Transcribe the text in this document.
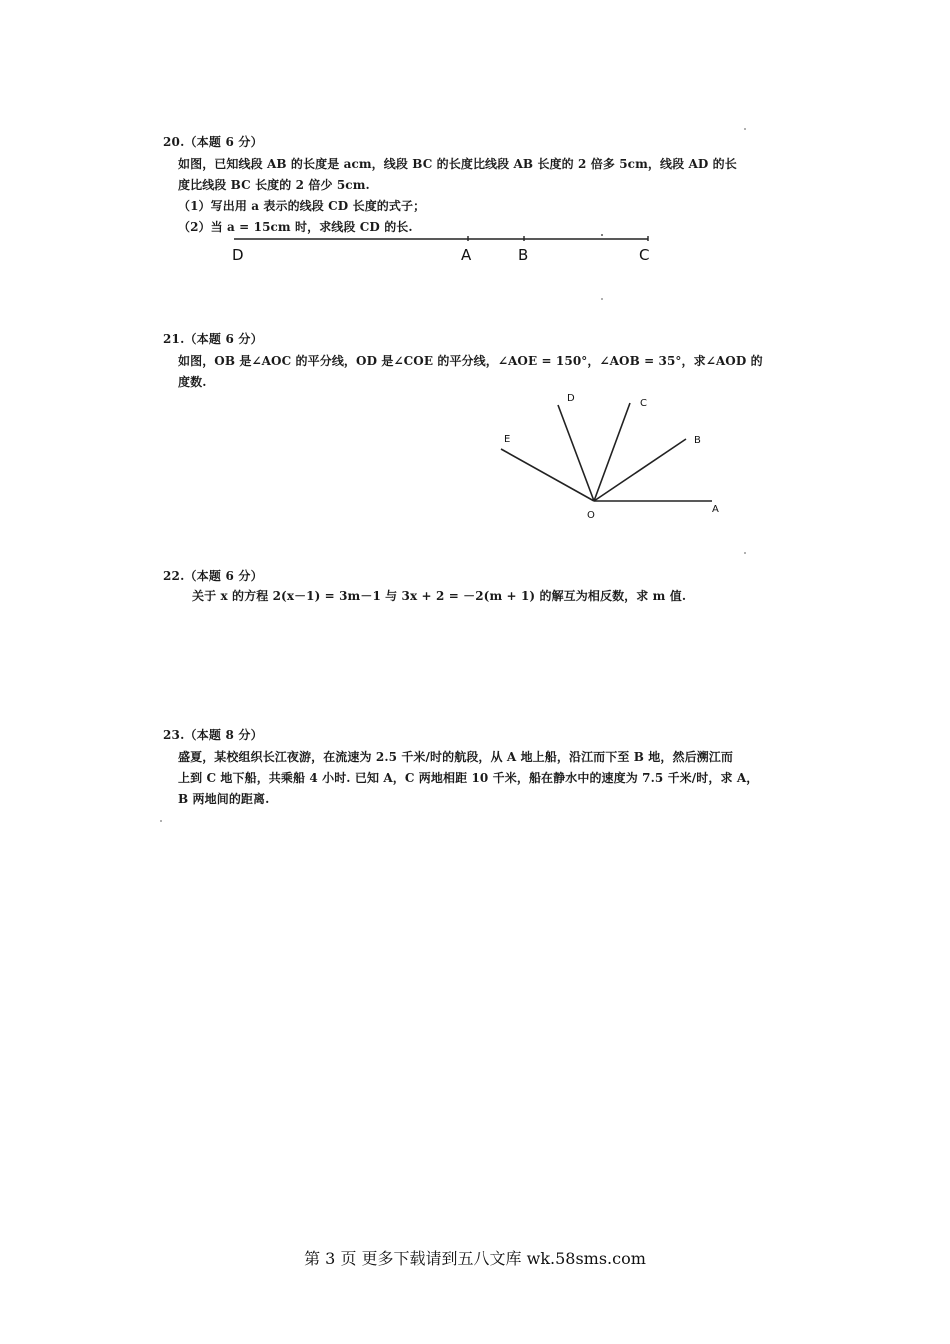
20.（本题 6 分）
如图，已知线段 AB 的长度是 acm，线段 BC 的长度比线段 AB 长度的 2 倍多 5cm，线段 AD 的长
度比线段 BC 长度的 2 倍少 5cm.
（1）写出用 a 表示的线段 CD 长度的式子；
（2）当 a = 15cm 时，求线段 CD 的长.
D	A	B	C
21.（本题 6 分）
如图，OB 是∠AOC 的平分线，OD 是∠COE 的平分线，∠AOE = 150°，∠AOB = 35°，求∠AOD 的
度数.
D	C
E	B
O
A
22.（本题 6 分）
关于 x 的方程 2(x－1) = 3m－1 与 3x + 2 = －2(m + 1) 的解互为相反数，求 m 值.
23.（本题 8 分）
盛夏，某校组织长江夜游，在流速为 2.5 千米/时的航段，从 A 地上船，沿江而下至 B 地，然后溯江而
上到 C 地下船，共乘船 4 小时. 已知 A，C 两地相距 10 千米，船在静水中的速度为 7.5 千米/时，求 A，
B 两地间的距离.
第 3 页 更多下载请到五八文库 wk.58sms.com
